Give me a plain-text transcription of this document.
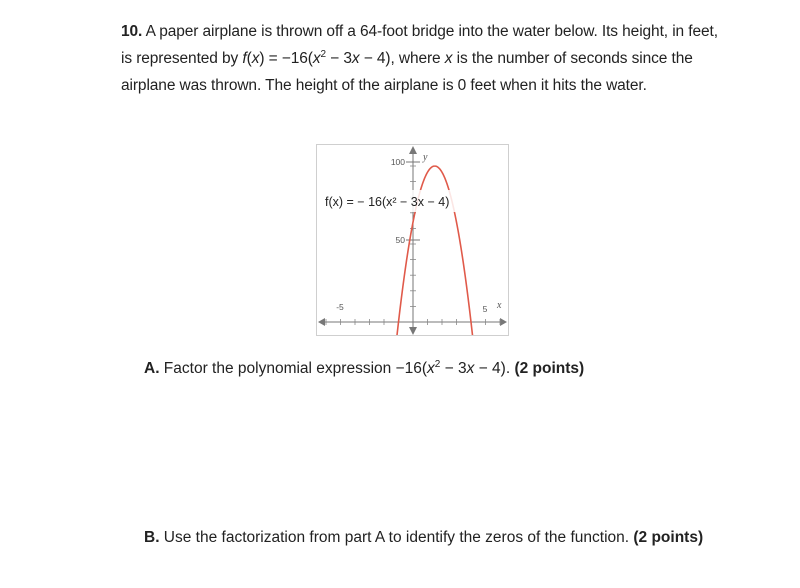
10. A paper airplane is thrown off a 64-foot bridge into the water below. Its height, in feet, is represented by $f(x) = -16(x^2 - 3x - 4)$, where x is the number of seconds since the airplane was thrown. The height of the airplane is 0 feet when it hits the water.
100
50
-5	5
y
x
f(x) = − 16(x² − 3x − 4)
A. Factor the polynomial expression $-16(x^2 - 3x - 4)$. (2 points)
B. Use the factorization from part A to identify the zeros of the function. (2 points)
